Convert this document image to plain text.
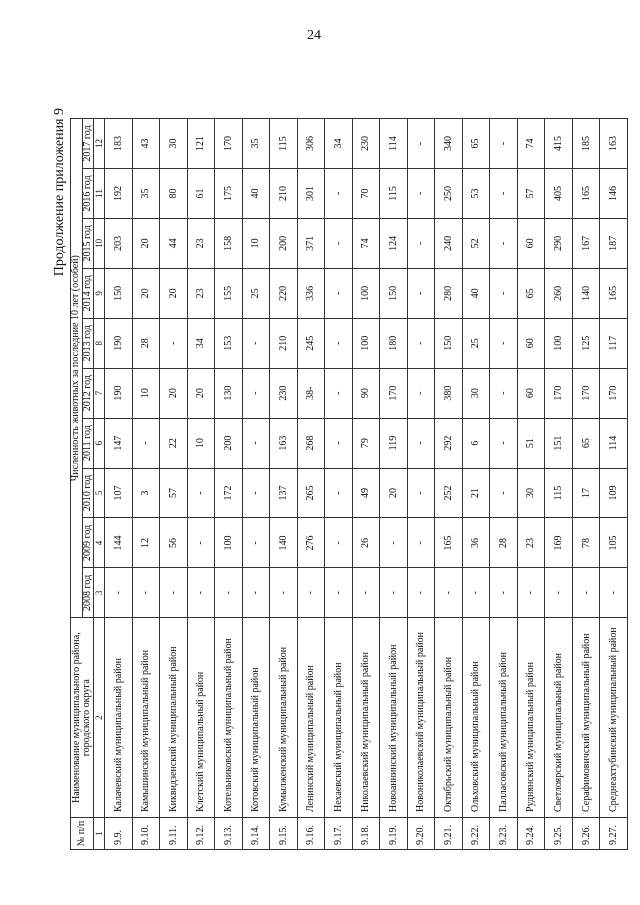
24
Продолжение приложения 9
№ п/п	Наименование муниципального района, городского округа	Численность животных за последние 10 лет (особей)									
		2008 год	2009 год	2010 год	2011 год	2012 год	2013 год	2014 год	2015 год	2016 год	2017 год
1	2	3	4	5	6	7	8	9	10	11	12
9.9.	Калачевский муниципальный район	-	144	107	147	190	190	150	203	192	183
9.10.	Камышинский муниципальный район	-	12	3	-	10	28	20	20	35	43
9.11.	Киквидзенский муниципальный район	-	56	57	22	20	-	20	44	80	30
9.12.	Клетский муниципальный район	-	-	-	10	20	34	23	23	61	121
9.13.	Котельниковский муниципальный район	-	100	172	200	130	153	155	158	175	170
9.14.	Котовский муниципальный район	-	-	-	-	-	-	25	10	40	35
9.15.	Кумылженский муниципальный район	-	140	137	163	230	210	220	200	210	115
9.16.	Ленинский муниципальный район	-	276	265	268	38-	245	336	371	301	306
9.17.	Нехаевский муниципальный район	-	-	-	-	-	-	-	-	-	34
9.18.	Николаевский муниципальный район	-	26	49	79	90	100	100	74	70	230
9.19.	Новоаннинский муниципальный район	-	-	20	119	170	180	150	124	115	114
9.20.	Новониколаевский муниципальный район	-	-	-	-	-	-	-	-	-	-
9.21.	Октябрьский муниципальный район	-	165	252	292	380	150	280	240	250	340
9.22.	Ольховский муниципальный район	-	36	21	6	30	25	40	52	53	65
9.23.	Палласовский муниципальный район	-	28	-	-	-	-	-	-	-	-
9.24.	Руднянский муниципальный район	-	23	30	51	60	60	65	60	57	74
9.25.	Светлоярский муниципальный район	-	169	115	151	170	100	260	290	405	415
9.26.	Серафимовичский муниципальный район	-	78	17	65	170	125	140	167	165	185
9.27.	Среднеахтубинский муниципальный район	-	105	109	114	170	117	165	187	146	163
